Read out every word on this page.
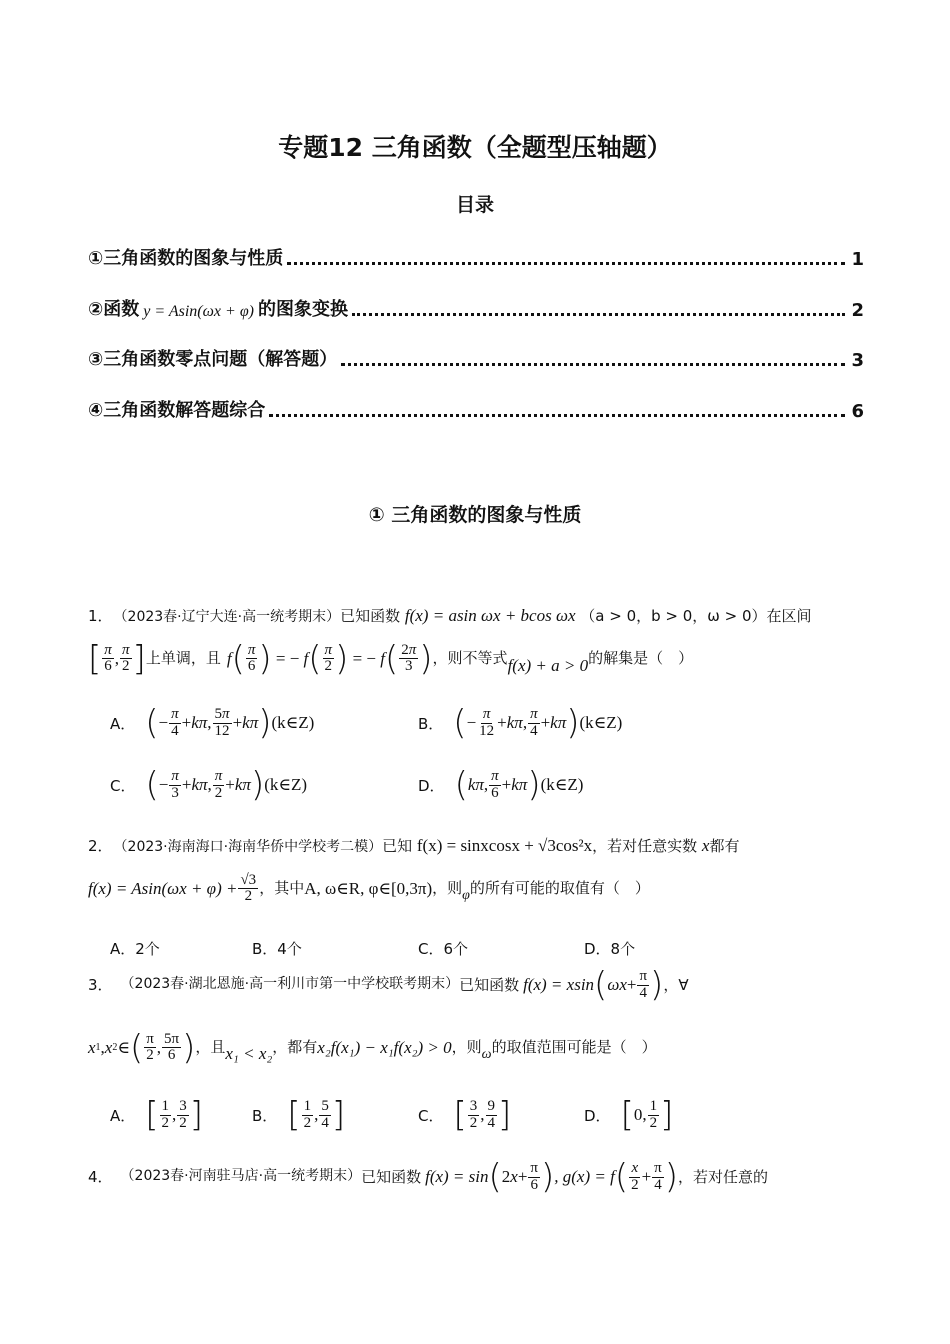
专题12 三角函数（全题型压轴题）
目录
①三角函数的图象与性质	1
②函数 y = Asin(ωx + φ) 的图象变换	2
③三角函数零点问题（解答题）	3
④三角函数解答题综合	6
① 三角函数的图象与性质
1． （2023春·辽宁大连·高一统考期末）已知函数 f(x) = asin ωx + bcos ωx （a > 0，b > 0，ω > 0）在区间
[ $\frac{\pi}{6}$ , $\frac{\pi}{2}$ ] 上单调，且 f ( $\frac{\pi}{6}$ ) = − f ( $\frac{\pi}{2}$ ) = − f ( $\frac{2\pi}{3}$ ) ，则不等式 f(x) + a > 0 的解集是（　）
A． ( − $\frac{\pi}{4} +k\pi$, $\frac{5\pi}{12} +k\pi$ ) (k∈Z)	B． ( − $\frac{\pi}{12} +k\pi$, $\frac{\pi}{4} +k\pi$ ) (k∈Z)
C． ( − $\frac{\pi}{3} +k\pi$, $\frac{\pi}{2} +k\pi$ ) (k∈Z)	D． ( kπ, $\frac{\pi}{6} +k\pi$ ) (k∈Z)
2． （2023·海南海口·海南华侨中学校考二模）已知 f(x) = sinxcosx + √3cos²x，若对任意实数 x都有
$f(x) = Asin(\omega x + \varphi) + \frac{√3}{2}$ ，其中 A, ω∈R, φ∈[0,3π) ，则 φ 的所有可能的取值有（　）
A．2个	B．4个	C．6个	D．8个
3． （2023春·湖北恩施·高一利川市第一中学校联考期末） 已知函数 f(x) = xsin ( $\omega x+ \frac{\pi}{4}$ ) ，∀
x 1 , x 2 ∈ ( $\frac{\pi}{2}$ , $\frac{5\pi}{6}$ ) ，且 x₁ < x₂ ，都有 x₂f(x₁) − x₁f(x₂) > 0 ，则 ω 的取值范围可能是（　）
A． [ $\frac{1}{2}$ , $\frac{3}{2}$ ]	B． [ $\frac{1}{2}$ , $\frac{5}{4}$ ]	C． [ $\frac{3}{2}$ , $\frac{9}{4}$ ]	D． [ 0, $\frac{1}{2}$ ]
4． （2023春·河南驻马店·高一统考期末） 已知函数 f(x) = sin ( $2x+ \frac{\pi}{6}$ ) , g(x) = f ( $\frac{x}{2} + \frac{\pi}{4}$ ) ，若对任意的
